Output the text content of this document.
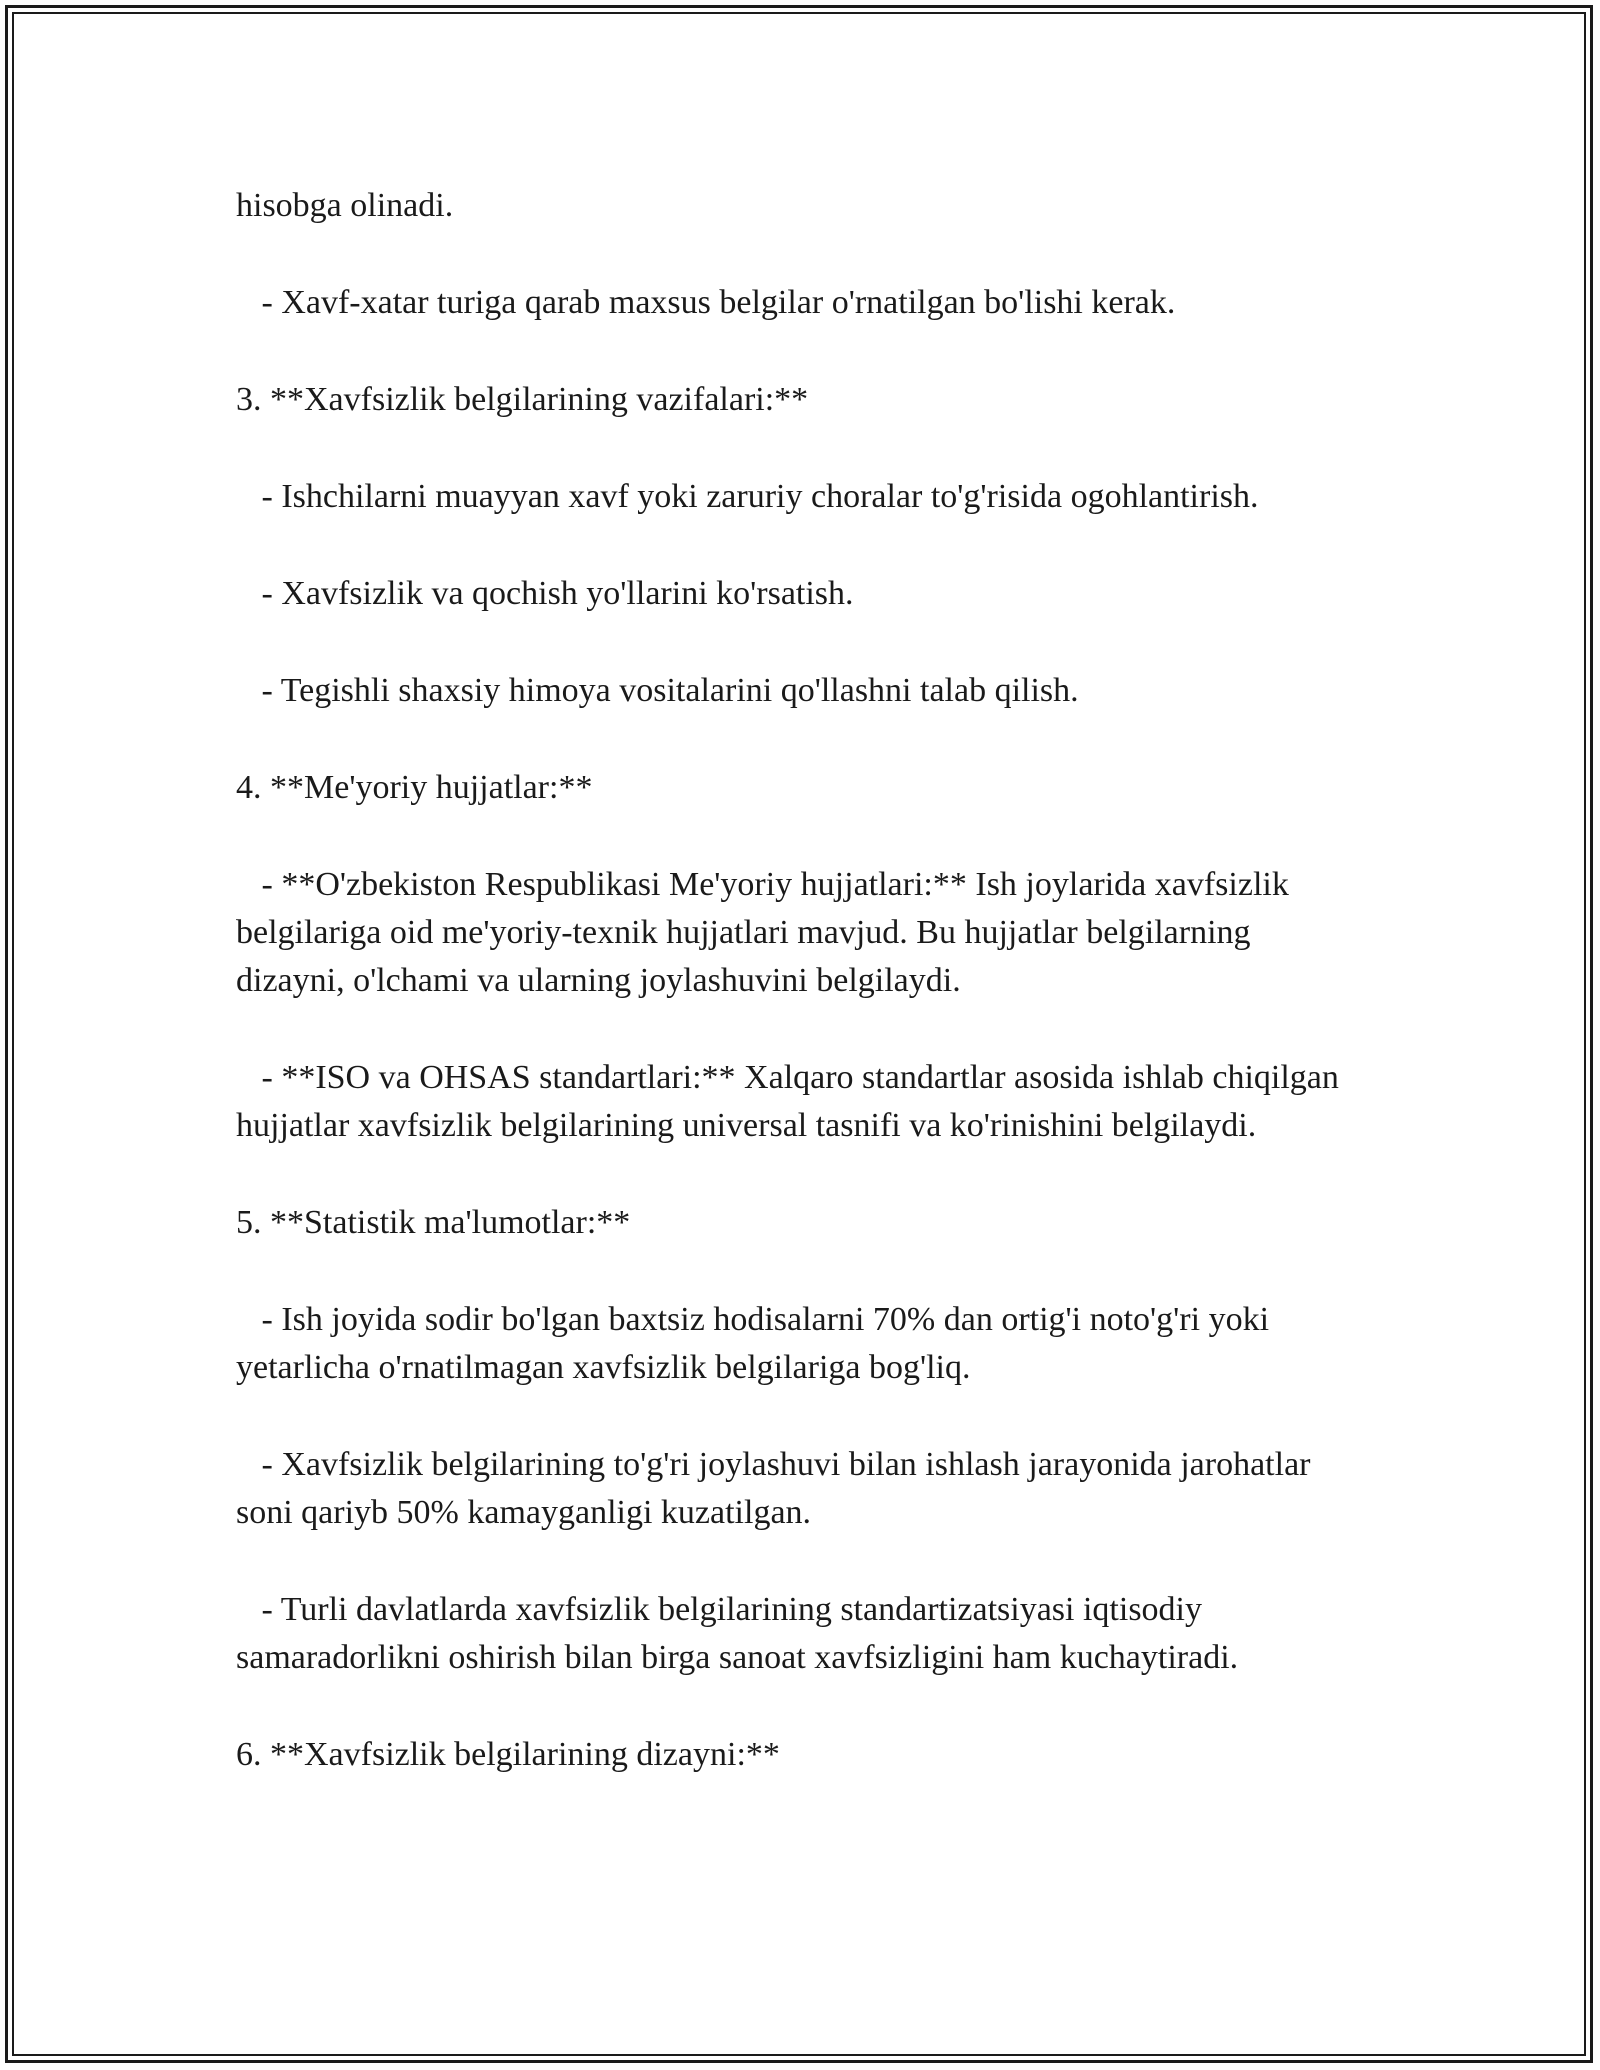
hisobga olinadi.

- Xavf-xatar turiga qarab maxsus belgilar o'rnatilgan bo'lishi kerak.

3. **Xavfsizlik belgilarining vazifalari:**

- Ishchilarni muayyan xavf yoki zaruriy choralar to'g'risida ogohlantirish.

- Xavfsizlik va qochish yo'llarini ko'rsatish.

- Tegishli shaxsiy himoya vositalarini qo'llashni talab qilish.

4. **Me'yoriy hujjatlar:**

- **O'zbekiston Respublikasi Me'yoriy hujjatlari:** Ish joylarida xavfsizlik belgilariga oid me'yoriy-texnik hujjatlari mavjud. Bu hujjatlar belgilarning dizayni, o'lchami va ularning joylashuvini belgilaydi.

- **ISO va OHSAS standartlari:** Xalqaro standartlar asosida ishlab chiqilgan hujjatlar xavfsizlik belgilarining universal tasnifi va ko'rinishini belgilaydi.

5. **Statistik ma'lumotlar:**

- Ish joyida sodir bo'lgan baxtsiz hodisalarni 70% dan ortig'i noto'g'ri yoki yetarlicha o'rnatilmagan xavfsizlik belgilariga bog'liq.

- Xavfsizlik belgilarining to'g'ri joylashuvi bilan ishlash jarayonida jarohatlar soni qariyb 50% kamayganligi kuzatilgan.

- Turli davlatlarda xavfsizlik belgilarining standartizatsiyasi iqtisodiy samaradorlikni oshirish bilan birga sanoat xavfsizligini ham kuchaytiradi.

6. **Xavfsizlik belgilarining dizayni:**
